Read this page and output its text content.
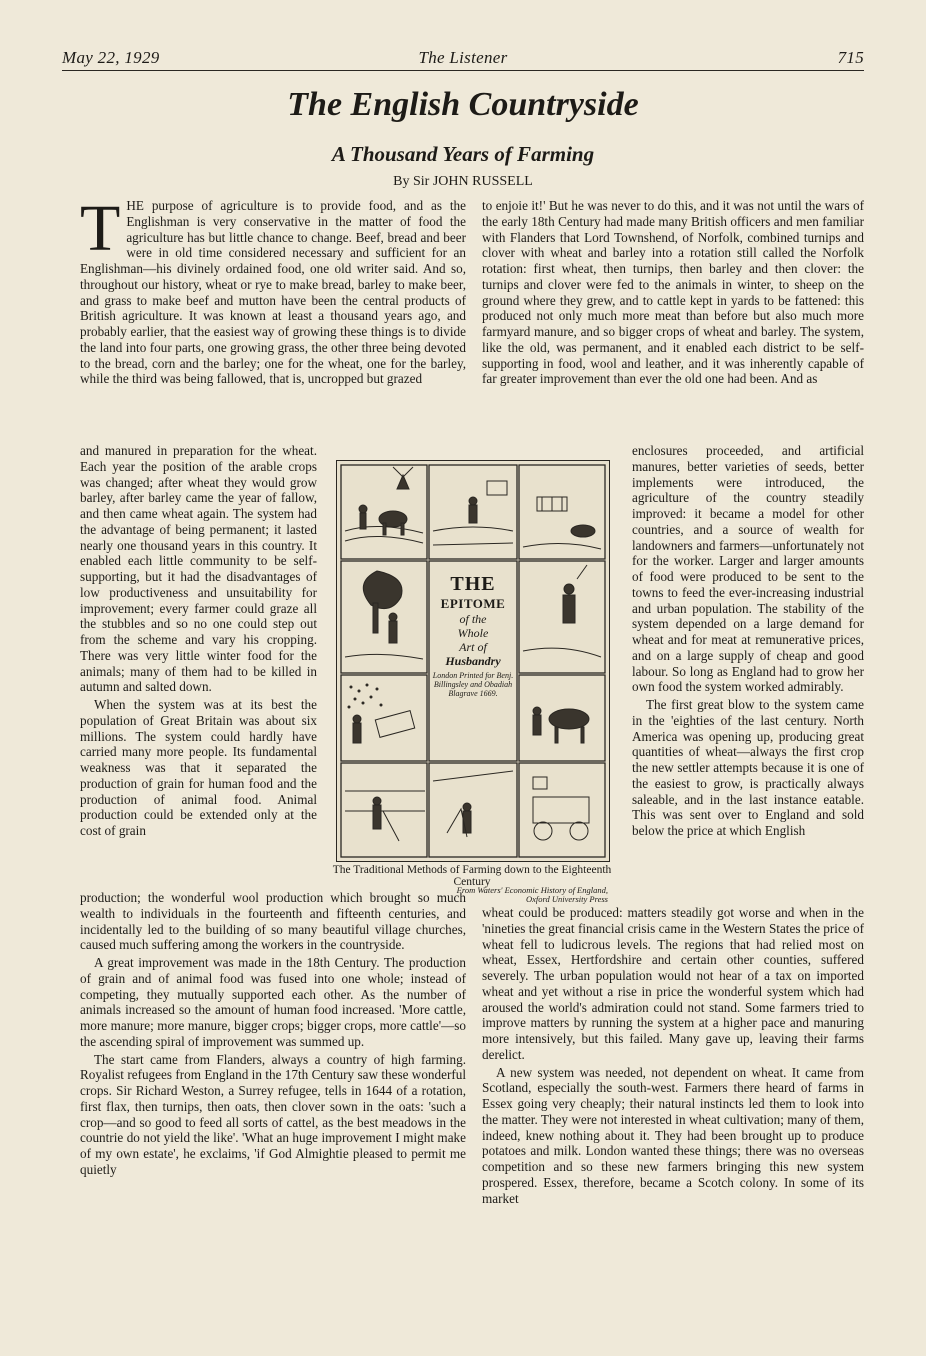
May 22, 1929	The Listener	715
The English Countryside
A Thousand Years of Farming
By Sir JOHN RUSSELL

THE purpose of agriculture is to provide food, and as the Englishman is very conservative in the matter of food the agriculture has but little chance to change. Beef, bread and beer were in old time considered necessary and sufficient for an Englishman—his divinely ordained food, one old writer said. And so, throughout our history, wheat or rye to make bread, barley to make beer, and grass to make beef and mutton have been the central products of British agriculture. It was known at least a thousand years ago, and probably earlier, that the easiest way of growing these things is to divide the land into four parts, one growing grass, the other three being devoted to the bread, corn and the barley; one for the wheat, one for the barley, while the third was being fallowed, that is, uncropped but grazed

and manured in preparation for the wheat. Each year the position of the arable crops was changed; after wheat they would grow barley, after barley came the year of fallow, and then came wheat again. The system had the advantage of being permanent; it lasted nearly one thousand years in this country. It enabled each little community to be self-supporting, but it had the disadvantages of low productiveness and unsuitability for improvement; every farmer could graze all the stubbles and so no one could step out from the scheme and vary his cropping. There was very little winter food for the animals; many of them had to be killed in autumn and salted down.

When the system was at its best the population of Great Britain was about six millions. The system could hardly have carried many more people. Its fundamental weakness was that it separated the production of grain for human food and the production of animal food. Animal production could be extended only at the cost of grain

production; the wonderful wool production which brought so much wealth to individuals in the fourteenth and fifteenth centuries, and incidentally led to the building of so many beautiful village churches, caused much suffering among the workers in the countryside.

A great improvement was made in the 18th Century. The production of grain and of animal food was fused into one whole; instead of competing, they mutually supported each other. As the number of animals increased so the amount of human food increased. 'More cattle, more manure; more manure, bigger crops; bigger crops, more cattle'—so the ascending spiral of improvement was summed up.

The start came from Flanders, always a country of high farming. Royalist refugees from England in the 17th Century saw these wonderful crops. Sir Richard Weston, a Surrey refugee, tells in 1644 of a rotation, first flax, then turnips, then oats, then clover sown in the oats: 'such a crop—and so good to feed all sorts of cattel, as the best meadows in the countrie do not yield the like'. 'What an huge improvement I might make of my own estate', he exclaims, 'if God Almightie pleased to permit me quietly

to enjoie it!' But he was never to do this, and it was not until the wars of the early 18th Century had made many British officers and men familiar with Flanders that Lord Townshend, of Norfolk, combined turnips and clover with wheat and barley into a rotation still called the Norfolk rotation: first wheat, then turnips, then barley and then clover: the turnips and clover were fed to the animals in winter, to sheep on the ground where they grew, and to cattle kept in yards to be fattened: this produced not only much more meat than before but also much more farmyard manure, and so bigger crops of wheat and barley. The system, like the old, was permanent, and it enabled each district to be self-supporting in food, wool and leather, and it was inherently capable of far greater improvement than ever the old one had been. And as

enclosures proceeded, and artificial manures, better varieties of seeds, better implements were introduced, the agriculture of the country steadily improved: it became a model for other countries, and a source of wealth for landowners and farmers—unfortunately not for the worker. Larger and larger amounts of food were produced to be sent to the towns to feed the ever-increasing industrial and urban population. The stability of the system depended on a large demand for wheat and for meat at remunerative prices, and on a large supply of cheap and good labour. So long as England had to grow her own food the system worked admirably.

The first great blow to the system came in the 'eighties of the last century. North America was opening up, producing great quantities of wheat—always the first crop the new settler attempts because it is one of the easiest to grow, is practically always saleable, and in the last instance eatable. This was sent over to England and sold below the price at which English

wheat could be produced: matters steadily got worse and when in the 'nineties the great financial crisis came in the Western States the price of wheat fell to ludicrous levels. The regions that had relied most on wheat, Essex, Hertfordshire and certain other counties, suffered severely. The urban population would not hear of a tax on imported wheat and yet without a rise in price the wonderful system which had aroused the world's admiration could not stand. Some farmers tried to improve matters by running the system at a higher pace and manuring more intensively, but this failed. Many gave up, leaving their farms derelict.

A new system was needed, not dependent on wheat. It came from Scotland, especially the south-west. Farmers there heard of farms in Essex going very cheaply; their natural instincts led them to look into the matter. They were not interested in wheat cultivation; many of them, indeed, knew nothing about it. They had been brought up to produce potatoes and milk. London wanted these things; there was no overseas competition and so these new farmers bringing this new system prospered. Essex, therefore, became a Scotch colony. In some of its market

THE
EPITOME
of the
Whole
Art of
Husbandry
London Printed for Benj. Billingsley and Obadiah Blagrave 1669.
The Traditional Methods of Farming down to the Eighteenth Century
From Waters' Economic History of England, Oxford University Press
